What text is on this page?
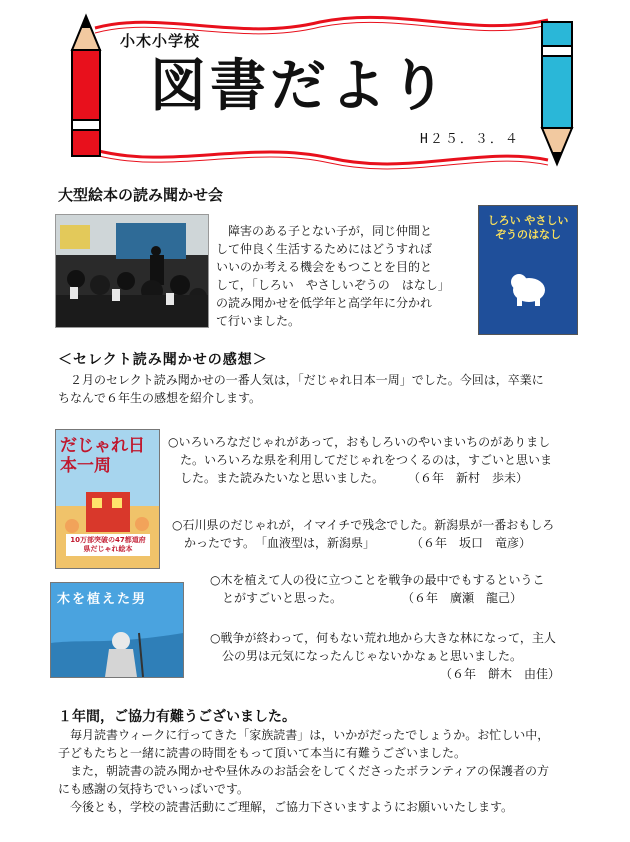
小木小学校
図書だより
H２５．３．４
大型絵本の読み聞かせ会
　障害のある子とない子が，同じ仲間と
して仲良く生活するためにはどうすれば
いいのか考える機会をもつことを目的と
して，「しろい　やさしいぞうの　はなし」
の読み聞かせを低学年と高学年に分かれ
て行いました。
しろい やさしい ぞうのはなし
＜セレクト読み聞かせの感想＞
２月のセレクト読み聞かせの一番人気は，「だじゃれ日本一周」でした。今回は，卒業に
ちなんで６年生の感想を紹介します。
だじゃれ日本一周
10万部突破の47都道府県だじゃれ絵本
○いろいろなだじゃれがあって，おもしろいのやいまいちのがありまし
た。いろいろな県を利用してだじゃれをつくるのは，すごいと思いま
した。また読みたいなと思いました。　　　（６年　新村　歩未）
○石川県のだじゃれが，イマイチで残念でした。新潟県が一番おもしろ
かったです。　「血液型は，新潟県」　　　　（６年　坂口　竜彦）
木を植えた男
○木を植えて人の役に立つことを戦争の最中でもするというこ
とがすごいと思った。　　　　　　（６年　廣瀬　龍己）
○戦争が終わって，何もない荒れ地から大きな林になって，主人
公の男は元気になったんじゃないかなぁと思いました。
（６年　餅木　由佳）
１年間，ご協力有難うございました。
　毎月読書ウィークに行ってきた「家族読書」は，いかがだったでしょうか。お忙しい中，
子どもたちと一緒に読書の時間をもって頂いて本当に有難うございました。
　また，朝読書の読み聞かせや昼休みのお話会をしてくださったボランティアの保護者の方
にも感謝の気持ちでいっぱいです。
　今後とも，学校の読書活動にご理解，ご協力下さいますようにお願いいたします。
